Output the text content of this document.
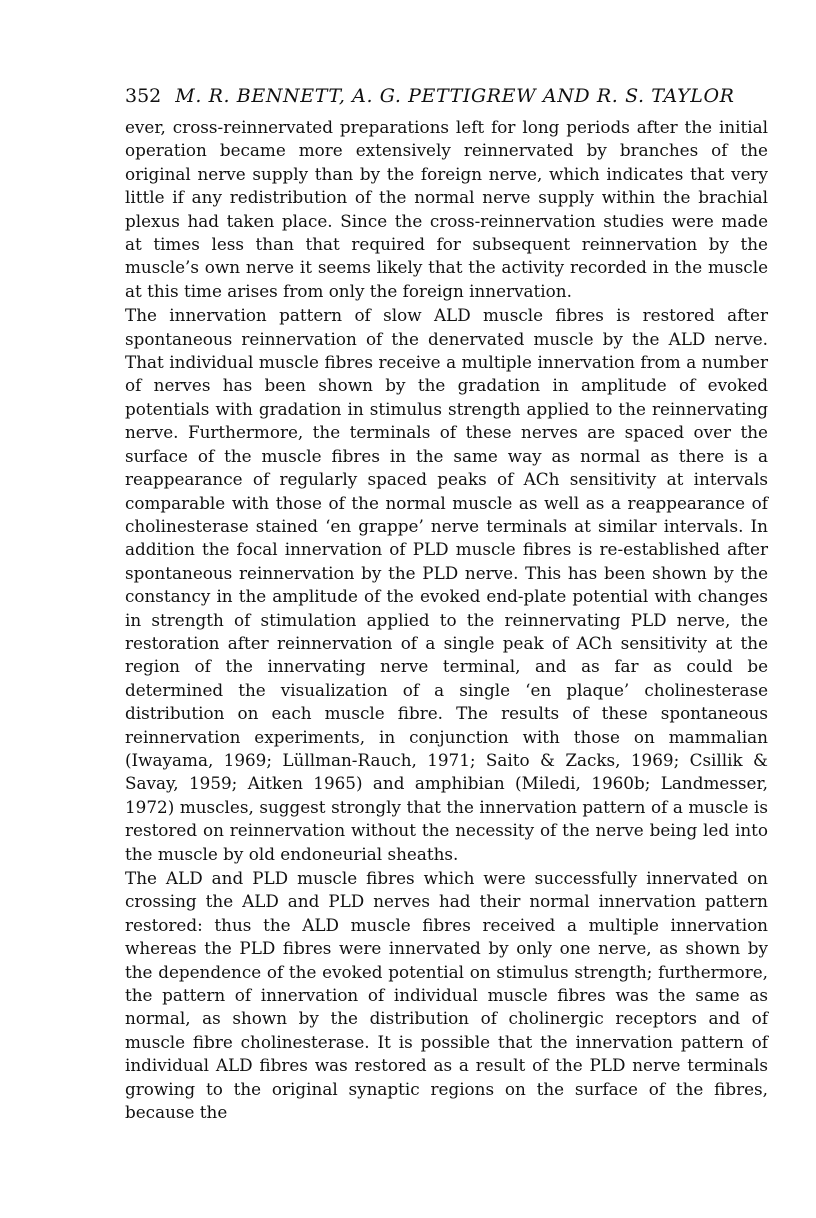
352 M. R. BENNETT, A. G. PETTIGREW AND R. S. TAYLOR

ever, cross-reinnervated preparations left for long periods after the initial operation became more extensively reinnervated by branches of the original nerve supply than by the foreign nerve, which indicates that very little if any redistribution of the normal nerve supply within the brachial plexus had taken place. Since the cross-reinnervation studies were made at times less than that required for subsequent reinnervation by the muscle’s own nerve it seems likely that the activity recorded in the muscle at this time arises from only the foreign innervation.

The innervation pattern of slow ALD muscle fibres is restored after spontaneous reinnervation of the denervated muscle by the ALD nerve. That individual muscle fibres receive a multiple innervation from a number of nerves has been shown by the gradation in amplitude of evoked potentials with gradation in stimulus strength applied to the reinnervating nerve. Furthermore, the terminals of these nerves are spaced over the surface of the muscle fibres in the same way as normal as there is a reappearance of regularly spaced peaks of ACh sensitivity at intervals comparable with those of the normal muscle as well as a reappearance of cholinesterase stained ‘en grappe’ nerve terminals at similar intervals. In addition the focal innervation of PLD muscle fibres is re-established after spontaneous reinnervation by the PLD nerve. This has been shown by the constancy in the amplitude of the evoked end-plate potential with changes in strength of stimulation applied to the reinnervating PLD nerve, the restoration after reinnervation of a single peak of ACh sensitivity at the region of the innervating nerve terminal, and as far as could be determined the visualization of a single ‘en plaque’ cholinesterase distribution on each muscle fibre. The results of these spontaneous reinnervation experiments, in conjunction with those on mammalian (Iwayama, 1969; Lüllman-Rauch, 1971; Saito & Zacks, 1969; Csillik & Savay, 1959; Aitken 1965) and amphibian (Miledi, 1960b; Landmesser, 1972) muscles, suggest strongly that the innervation pattern of a muscle is restored on reinnervation without the necessity of the nerve being led into the muscle by old endoneurial sheaths.

The ALD and PLD muscle fibres which were successfully innervated on crossing the ALD and PLD nerves had their normal innervation pattern restored: thus the ALD muscle fibres received a multiple innervation whereas the PLD fibres were innervated by only one nerve, as shown by the dependence of the evoked potential on stimulus strength; furthermore, the pattern of innervation of individual muscle fibres was the same as normal, as shown by the distribution of cholinergic receptors and of muscle fibre cholinesterase. It is possible that the innervation pattern of individual ALD fibres was restored as a result of the PLD nerve terminals growing to the original synaptic regions on the surface of the fibres, because the
